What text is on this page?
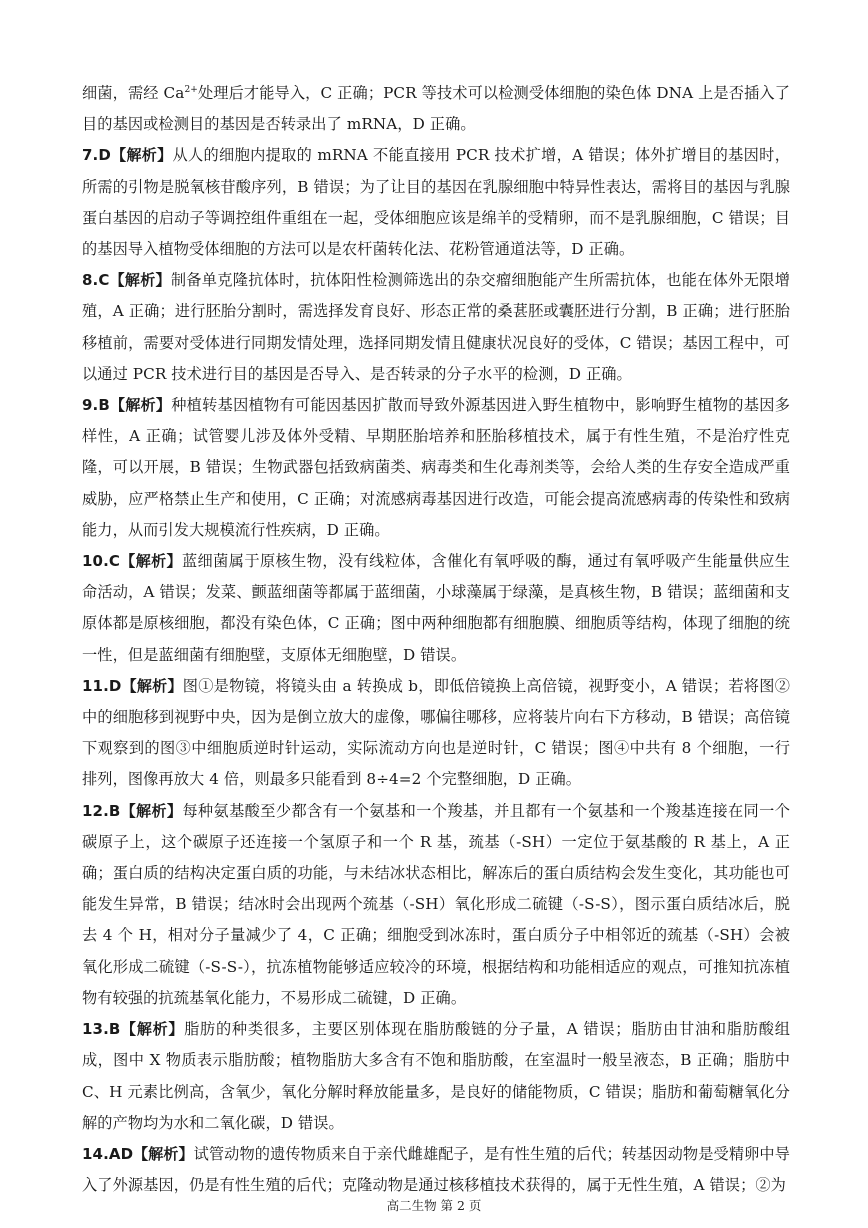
细菌，需经 $Ca^{2+}$处理后才能导入，C 正确；PCR 等技术可以检测受体细胞的染色体 DNA 上是否插入了目的基因或检测目的基因是否转录出了 mRNA，D 正确。

7.D【解析】从人的细胞内提取的 mRNA 不能直接用 PCR 技术扩增，A 错误；体外扩增目的基因时，所需的引物是脱氧核苷酸序列，B 错误；为了让目的基因在乳腺细胞中特异性表达，需将目的基因与乳腺蛋白基因的启动子等调控组件重组在一起，受体细胞应该是绵羊的受精卵，而不是乳腺细胞，C 错误；目的基因导入植物受体细胞的方法可以是农杆菌转化法、花粉管通道法等，D 正确。

8.C【解析】制备单克隆抗体时，抗体阳性检测筛选出的杂交瘤细胞能产生所需抗体，也能在体外无限增殖，A 正确；进行胚胎分割时，需选择发育良好、形态正常的桑葚胚或囊胚进行分割，B 正确；进行胚胎移植前，需要对受体进行同期发情处理，选择同期发情且健康状况良好的受体，C 错误；基因工程中，可以通过 PCR 技术进行目的基因是否导入、是否转录的分子水平的检测，D 正确。

9.B【解析】种植转基因植物有可能因基因扩散而导致外源基因进入野生植物中，影响野生植物的基因多样性，A 正确；试管婴儿涉及体外受精、早期胚胎培养和胚胎移植技术，属于有性生殖，不是治疗性克隆，可以开展，B 错误；生物武器包括致病菌类、病毒类和生化毒剂类等，会给人类的生存安全造成严重威胁，应严格禁止生产和使用，C 正确；对流感病毒基因进行改造，可能会提高流感病毒的传染性和致病能力，从而引发大规模流行性疾病，D 正确。

10.C【解析】蓝细菌属于原核生物，没有线粒体，含催化有氧呼吸的酶，通过有氧呼吸产生能量供应生命活动，A 错误；发菜、颤蓝细菌等都属于蓝细菌，小球藻属于绿藻，是真核生物，B 错误；蓝细菌和支原体都是原核细胞，都没有染色体，C 正确；图中两种细胞都有细胞膜、细胞质等结构，体现了细胞的统一性，但是蓝细菌有细胞壁，支原体无细胞壁，D 错误。

11.D【解析】图①是物镜，将镜头由 a 转换成 b，即低倍镜换上高倍镜，视野变小，A 错误；若将图②中的细胞移到视野中央，因为是倒立放大的虚像，哪偏往哪移，应将装片向右下方移动，B 错误；高倍镜下观察到的图③中细胞质逆时针运动，实际流动方向也是逆时针，C 错误；图④中共有 8 个细胞，一行排列，图像再放大 4 倍，则最多只能看到 8÷4=2 个完整细胞，D 正确。

12.B【解析】每种氨基酸至少都含有一个氨基和一个羧基，并且都有一个氨基和一个羧基连接在同一个碳原子上，这个碳原子还连接一个氢原子和一个 R 基，巯基（-SH）一定位于氨基酸的 R 基上，A 正确；蛋白质的结构决定蛋白质的功能，与未结冰状态相比，解冻后的蛋白质结构会发生变化，其功能也可能发生异常，B 错误；结冰时会出现两个巯基（-SH）氧化形成二硫键（-S-S），图示蛋白质结冰后，脱去 4 个 H，相对分子量减少了 4，C 正确；细胞受到冰冻时，蛋白质分子中相邻近的巯基（-SH）会被氧化形成二硫键（-S-S-），抗冻植物能够适应较冷的环境，根据结构和功能相适应的观点，可推知抗冻植物有较强的抗巯基氧化能力，不易形成二硫键，D 正确。

13.B【解析】脂肪的种类很多，主要区别体现在脂肪酸链的分子量，A 错误；脂肪由甘油和脂肪酸组成，图中 X 物质表示脂肪酸；植物脂肪大多含有不饱和脂肪酸，在室温时一般呈液态，B 正确；脂肪中 C、H 元素比例高，含氧少，氧化分解时释放能量多，是良好的储能物质，C 错误；脂肪和葡萄糖氧化分解的产物均为水和二氧化碳，D 错误。

14.AD【解析】试管动物的遗传物质来自于亲代雌雄配子，是有性生殖的后代；转基因动物是受精卵中导入了外源基因，仍是有性生殖的后代；克隆动物是通过核移植技术获得的，属于无性生殖，A 错误；②为

高二生物 第 2 页
